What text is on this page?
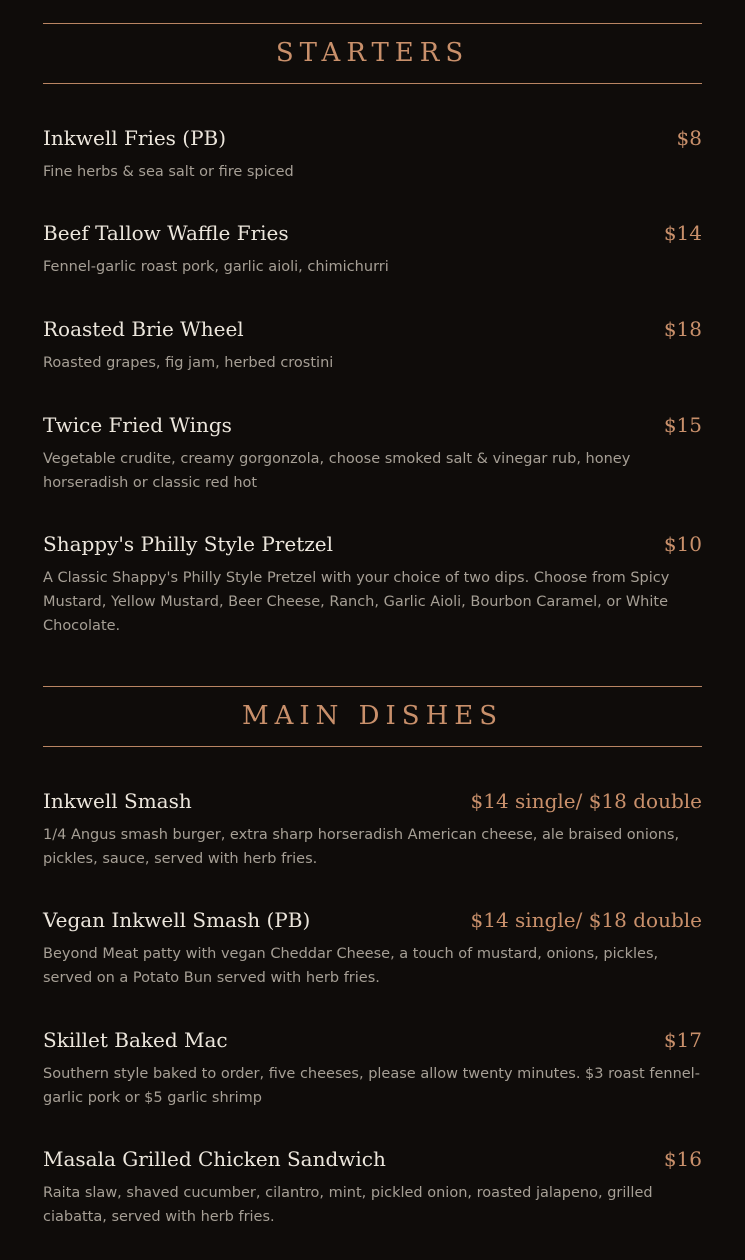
STARTERS
Inkwell Fries (PB)	$8
Fine herbs & sea salt or fire spiced
Beef Tallow Waffle Fries	$14
Fennel-garlic roast pork, garlic aioli, chimichurri
Roasted Brie Wheel	$18
Roasted grapes, fig jam, herbed crostini
Twice Fried Wings	$15
Vegetable crudite, creamy gorgonzola, choose smoked salt & vinegar rub, honey horseradish or classic red hot
Shappy's Philly Style Pretzel	$10
A Classic Shappy's Philly Style Pretzel with your choice of two dips. Choose from Spicy Mustard, Yellow Mustard, Beer Cheese, Ranch, Garlic Aioli, Bourbon Caramel, or White Chocolate.
MAIN DISHES
Inkwell Smash	$14 single/ $18 double
1/4 Angus smash burger, extra sharp horseradish American cheese, ale braised onions, pickles, sauce, served with herb fries.
Vegan Inkwell Smash (PB)	$14 single/ $18 double
Beyond Meat patty with vegan Cheddar Cheese, a touch of mustard, onions, pickles, served on a Potato Bun served with herb fries.
Skillet Baked Mac	$17
Southern style baked to order, five cheeses, please allow twenty minutes. $3 roast fennel-garlic pork or $5 garlic shrimp
Masala Grilled Chicken Sandwich	$16
Raita slaw, shaved cucumber, cilantro, mint, pickled onion, roasted jalapeno, grilled ciabatta, served with herb fries.
